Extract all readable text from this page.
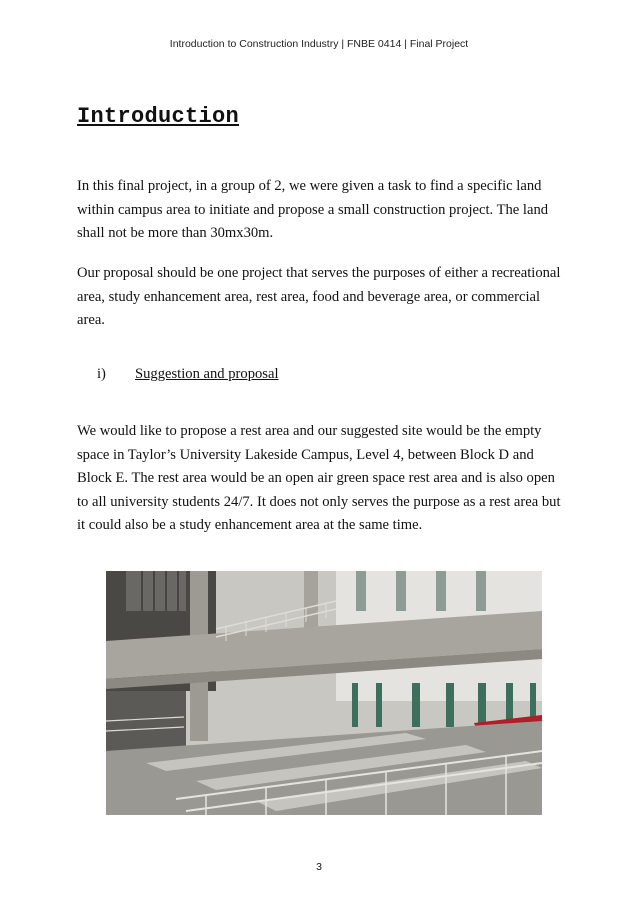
Introduction to Construction Industry | FNBE 0414 | Final Project
Introduction

In this final project, in a group of 2, we were given a task to find a specific land within campus area to initiate and propose a small construction project. The land shall not be more than 30mx30m.

Our proposal should be one project that serves the purposes of either a recreational area, study enhancement area, rest area, food and beverage area, or commercial area.

i) Suggestion and proposal

We would like to propose a rest area and our suggested site would be the empty space in Taylor’s University Lakeside Campus, Level 4, between Block D and Block E. The rest area would be an open air green space rest area and is also open to all university students 24/7. It does not only serves the purpose as a rest area but it could also be a study enhancement area at the same time.

3
